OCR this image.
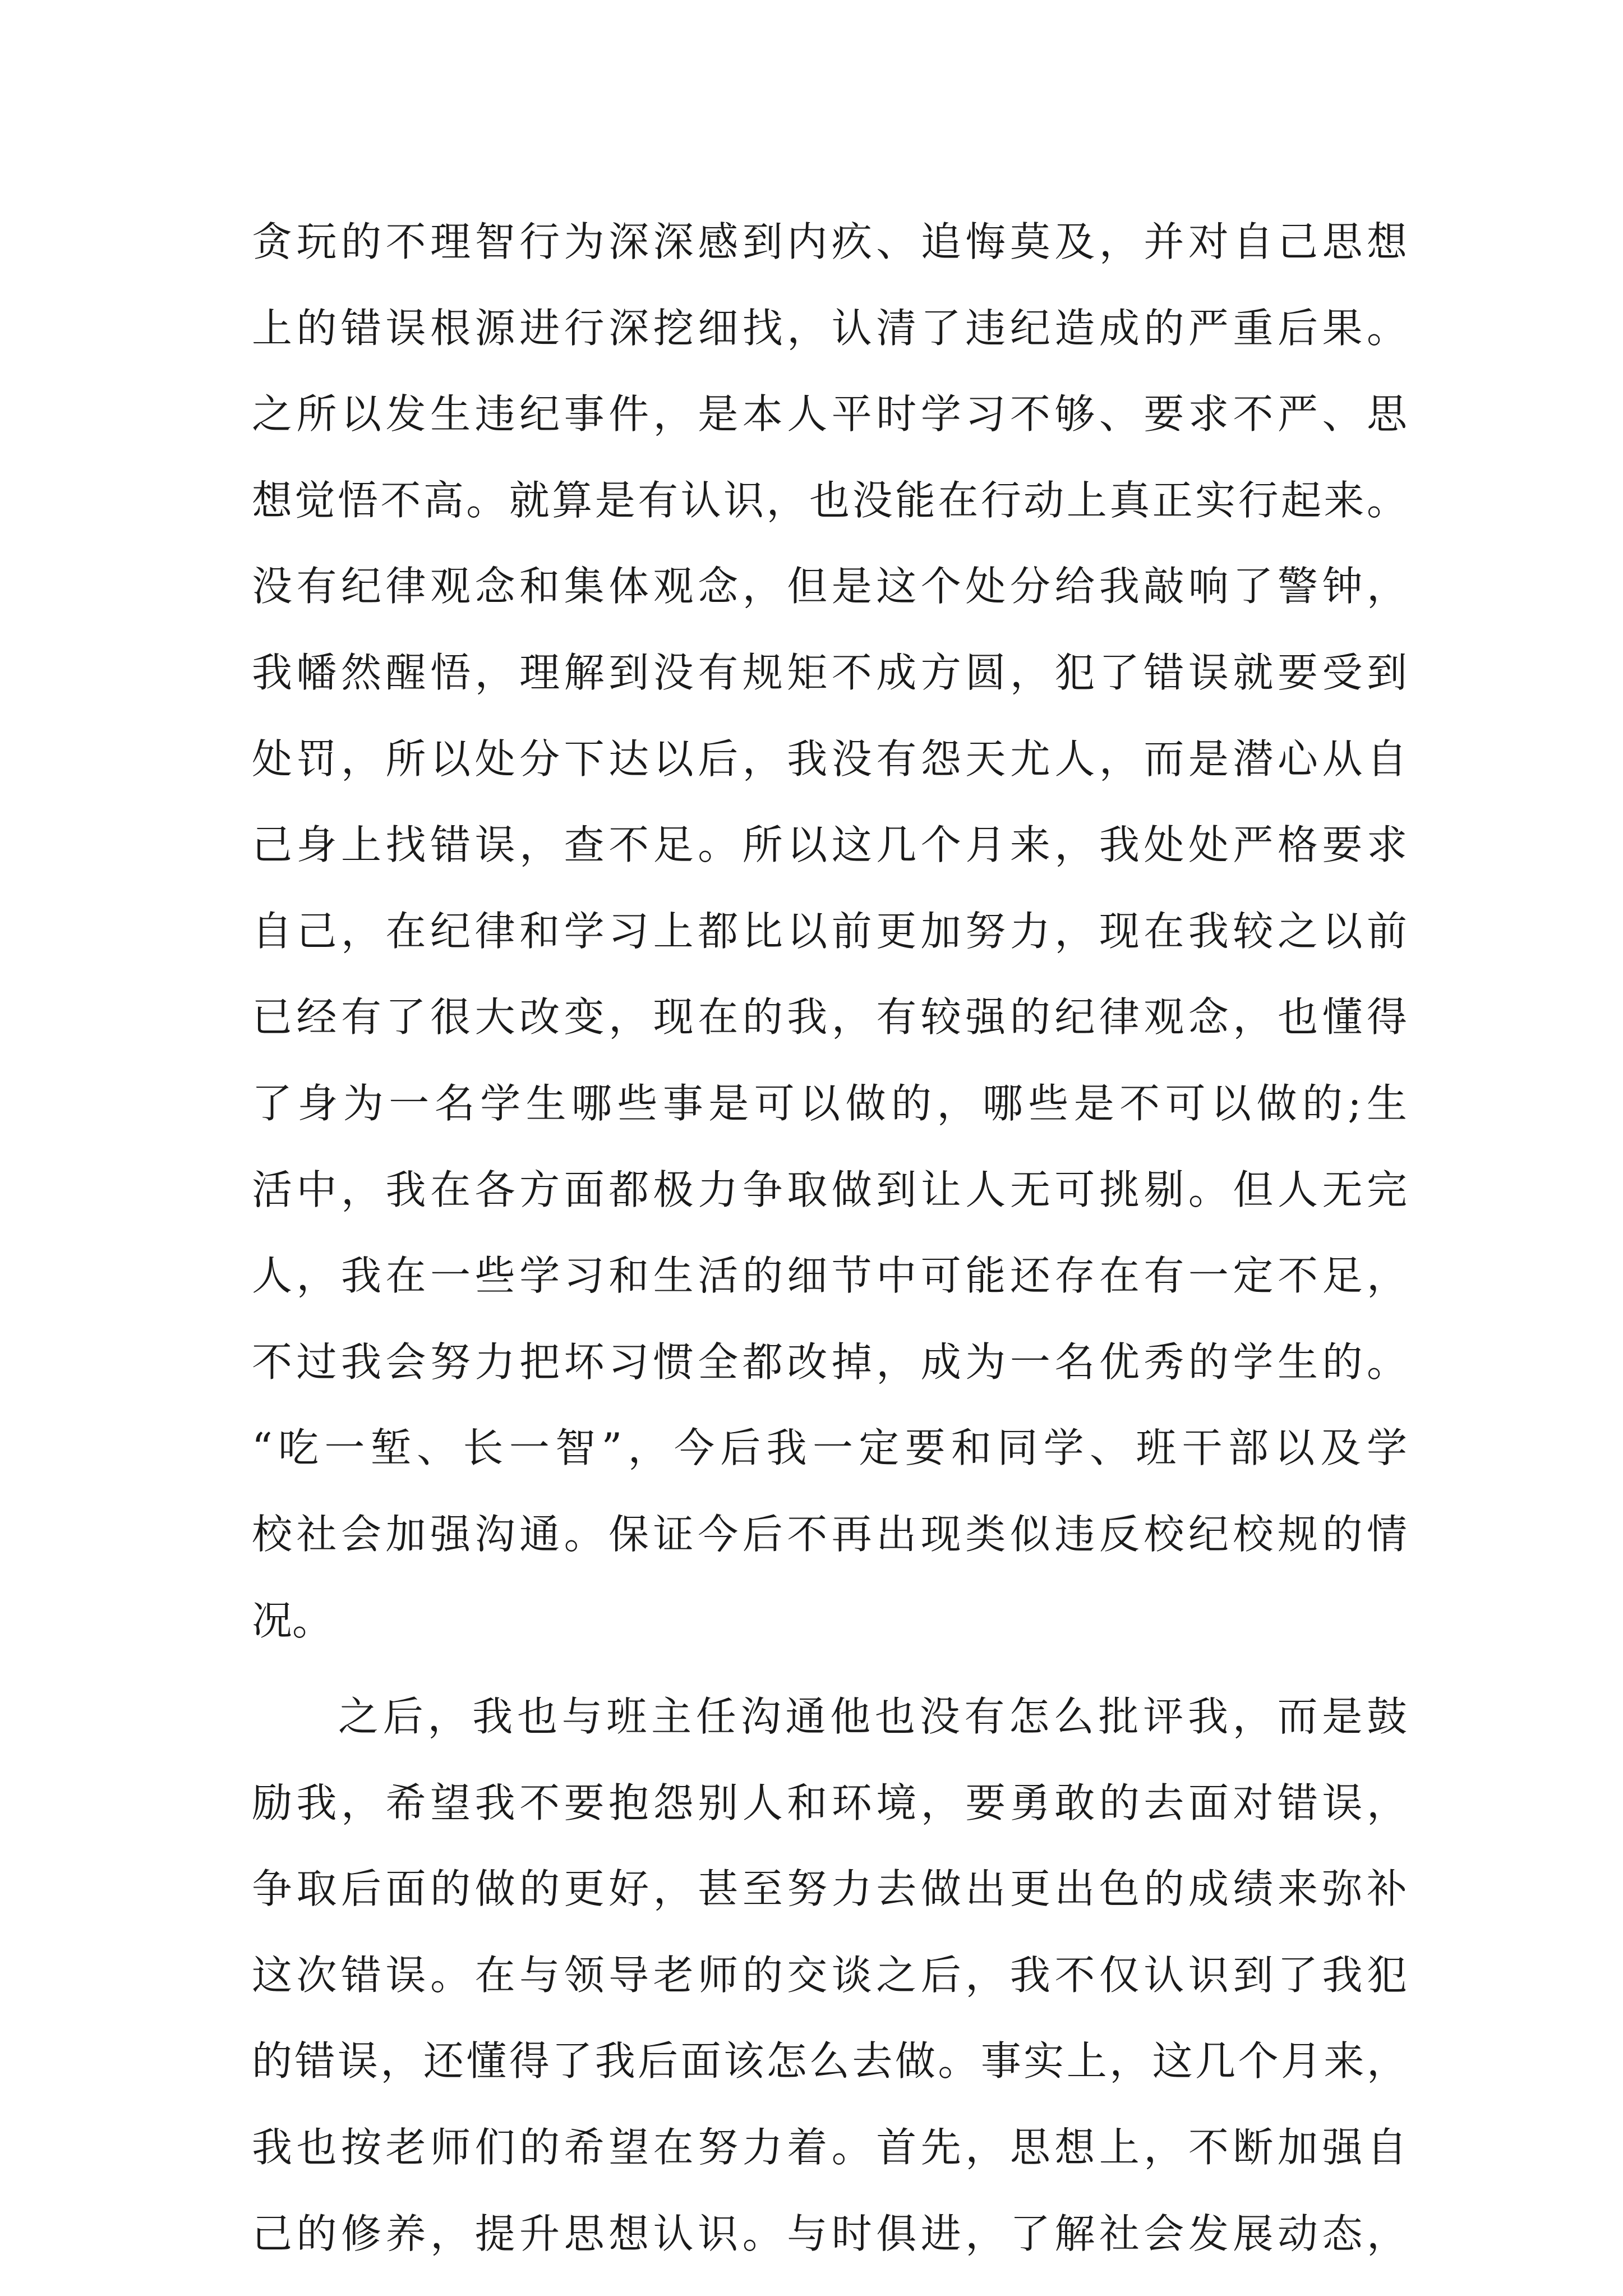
贪玩的不理智行为深深感到内疚、追悔莫及，并对自己思想
上的错误根源进行深挖细找，认清了违纪造成的严重后果。
之所以发生违纪事件，是本人平时学习不够、要求不严、思
想觉悟不高。就算是有认识，也没能在行动上真正实行起来。
没有纪律观念和集体观念，但是这个处分给我敲响了警钟，
我幡然醒悟，理解到没有规矩不成方圆，犯了错误就要受到
处罚，所以处分下达以后，我没有怨天尤人，而是潜心从自
己身上找错误，查不足。所以这几个月来，我处处严格要求
自己，在纪律和学习上都比以前更加努力，现在我较之以前
已经有了很大改变，现在的我，有较强的纪律观念，也懂得
了身为一名学生哪些事是可以做的，哪些是不可以做的;生
活中，我在各方面都极力争取做到让人无可挑剔。但人无完
人，我在一些学习和生活的细节中可能还存在有一定不足，
不过我会努力把坏习惯全都改掉，成为一名优秀的学生的。
“吃一堑、长一智”，今后我一定要和同学、班干部以及学
校社会加强沟通。保证今后不再出现类似违反校纪校规的情
况。
之后，我也与班主任沟通他也没有怎么批评我，而是鼓
励我，希望我不要抱怨别人和环境，要勇敢的去面对错误，
争取后面的做的更好，甚至努力去做出更出色的成绩来弥补
这次错误。在与领导老师的交谈之后，我不仅认识到了我犯
的错误，还懂得了我后面该怎么去做。事实上，这几个月来，
我也按老师们的希望在努力着。首先，思想上，不断加强自
己的修养，提升思想认识。与时俱进，了解社会发展动态，
